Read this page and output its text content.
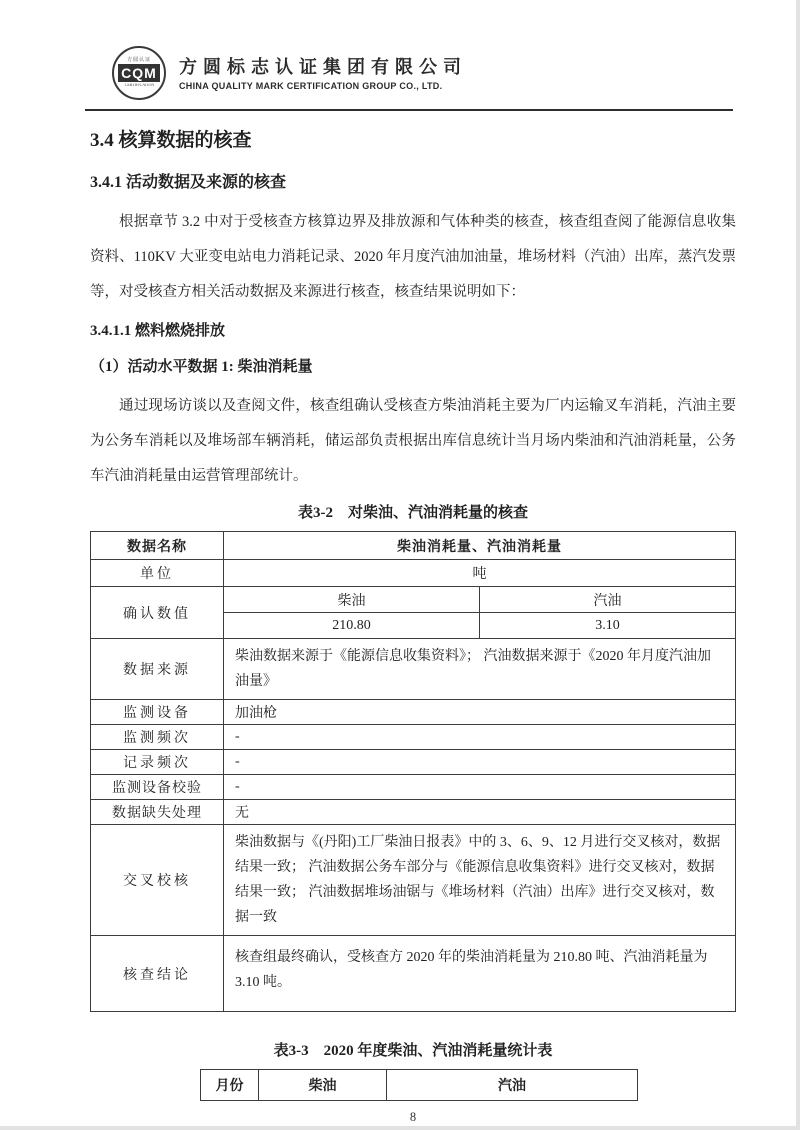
方圆认证
CQM
CERTIFICATION
方圆标志认证集团有限公司
CHINA QUALITY MARK CERTIFICATION GROUP CO., LTD.
3.4 核算数据的核查
3.4.1 活动数据及来源的核查

根据章节 3.2 中对于受核查方核算边界及排放源和气体种类的核查，核查组查阅了能源信息收集资料、110KV 大亚变电站电力消耗记录、2020 年月度汽油加油量，堆场材料（汽油）出库，蒸汽发票等，对受核查方相关活动数据及来源进行核查，核查结果说明如下：

3.4.1.1 燃料燃烧排放
（1）活动水平数据 1: 柴油消耗量

通过现场访谈以及查阅文件，核查组确认受核查方柴油消耗主要为厂内运输叉车消耗，汽油主要为公务车消耗以及堆场部车辆消耗，储运部负责根据出库信息统计当月场内柴油和汽油消耗量，公务车汽油消耗量由运营管理部统计。

表3-2　对柴油、汽油消耗量的核查
数据名称	柴油消耗量、汽油消耗量	
单位	吨	
确认数值	柴油	汽油
	210.80	3.10
数据来源	柴油数据来源于《能源信息收集资料》； 汽油数据来源于《2020 年月度汽油加油量》	
监测设备	加油枪	
监测频次	-	
记录频次	-	
监测设备校验	-	
数据缺失处理	无	
交叉校核	柴油数据与《(丹阳)工厂柴油日报表》中的 3、6、9、12 月进行交叉核对，数据结果一致； 汽油数据公务车部分与《能源信息收集资料》进行交叉核对，数据结果一致； 汽油数据堆场油锯与《堆场材料（汽油）出库》进行交叉核对，数据一致	
核查结论	核查组最终确认，受核查方 2020 年的柴油消耗量为 210.80 吨、汽油消耗量为 3.10 吨。	
表3-3　2020 年度柴油、汽油消耗量统计表
月份	柴油	汽油
8
